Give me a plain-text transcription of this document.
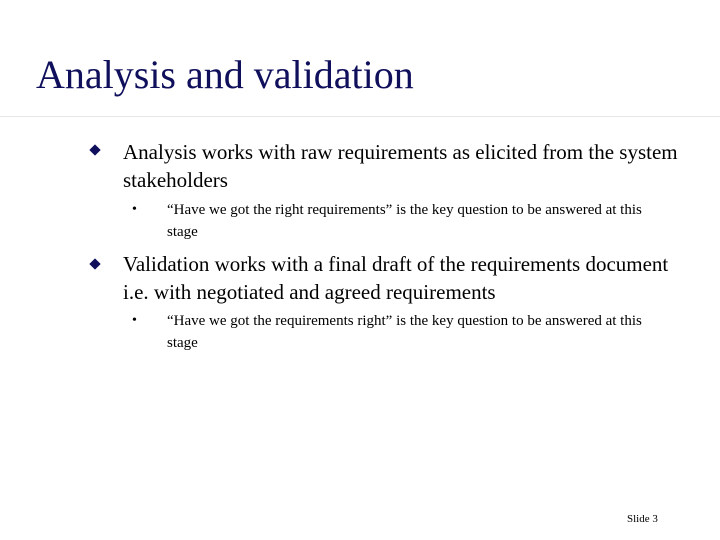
Analysis and validation
Analysis works with raw requirements as elicited from the system stakeholders
• “Have we got the right requirements” is the key question to be answered at this stage
Validation works with a final draft of the requirements document i.e. with negotiated and agreed requirements
• “Have we got the requirements right” is the key question to be answered at this stage
Slide 3
